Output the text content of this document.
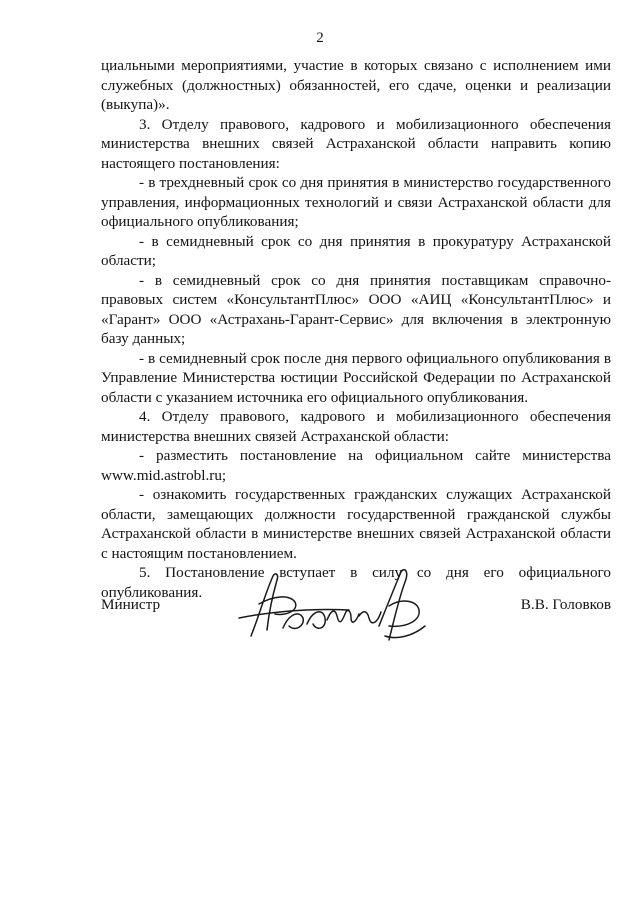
2

циальными мероприятиями, участие в которых связано с исполнением ими служебных (должностных) обязанностей, его сдаче, оценки и реализации (выкупа)».

3. Отделу правового, кадрового и мобилизационного обеспечения министерства внешних связей Астраханской области направить копию настоящего постановления:

- в трехдневный срок со дня принятия в министерство государственного управления, информационных технологий и связи Астраханской области для официального опубликования;

- в семидневный срок со дня принятия в прокуратуру Астраханской области;

- в семидневный срок со дня принятия поставщикам справочно-правовых систем «КонсультантПлюс» ООО «АИЦ «КонсультантПлюс» и «Гарант» ООО «Астрахань-Гарант-Сервис» для включения в электронную базу данных;

- в семидневный срок после дня первого официального опубликования в Управление Министерства юстиции Российской Федерации по Астраханской области с указанием источника его официального опубликования.

4. Отделу правового, кадрового и мобилизационного обеспечения министерства внешних связей Астраханской области:

- разместить постановление на официальном сайте министерства www.mid.astrobl.ru;

- ознакомить государственных гражданских служащих Астраханской области, замещающих должности государственной гражданской службы Астраханской области в министерстве внешних связей Астраханской области с настоящим постановлением.

5. Постановление вступает в силу со дня его официального опубликования.

Министр	В.В. Головков
